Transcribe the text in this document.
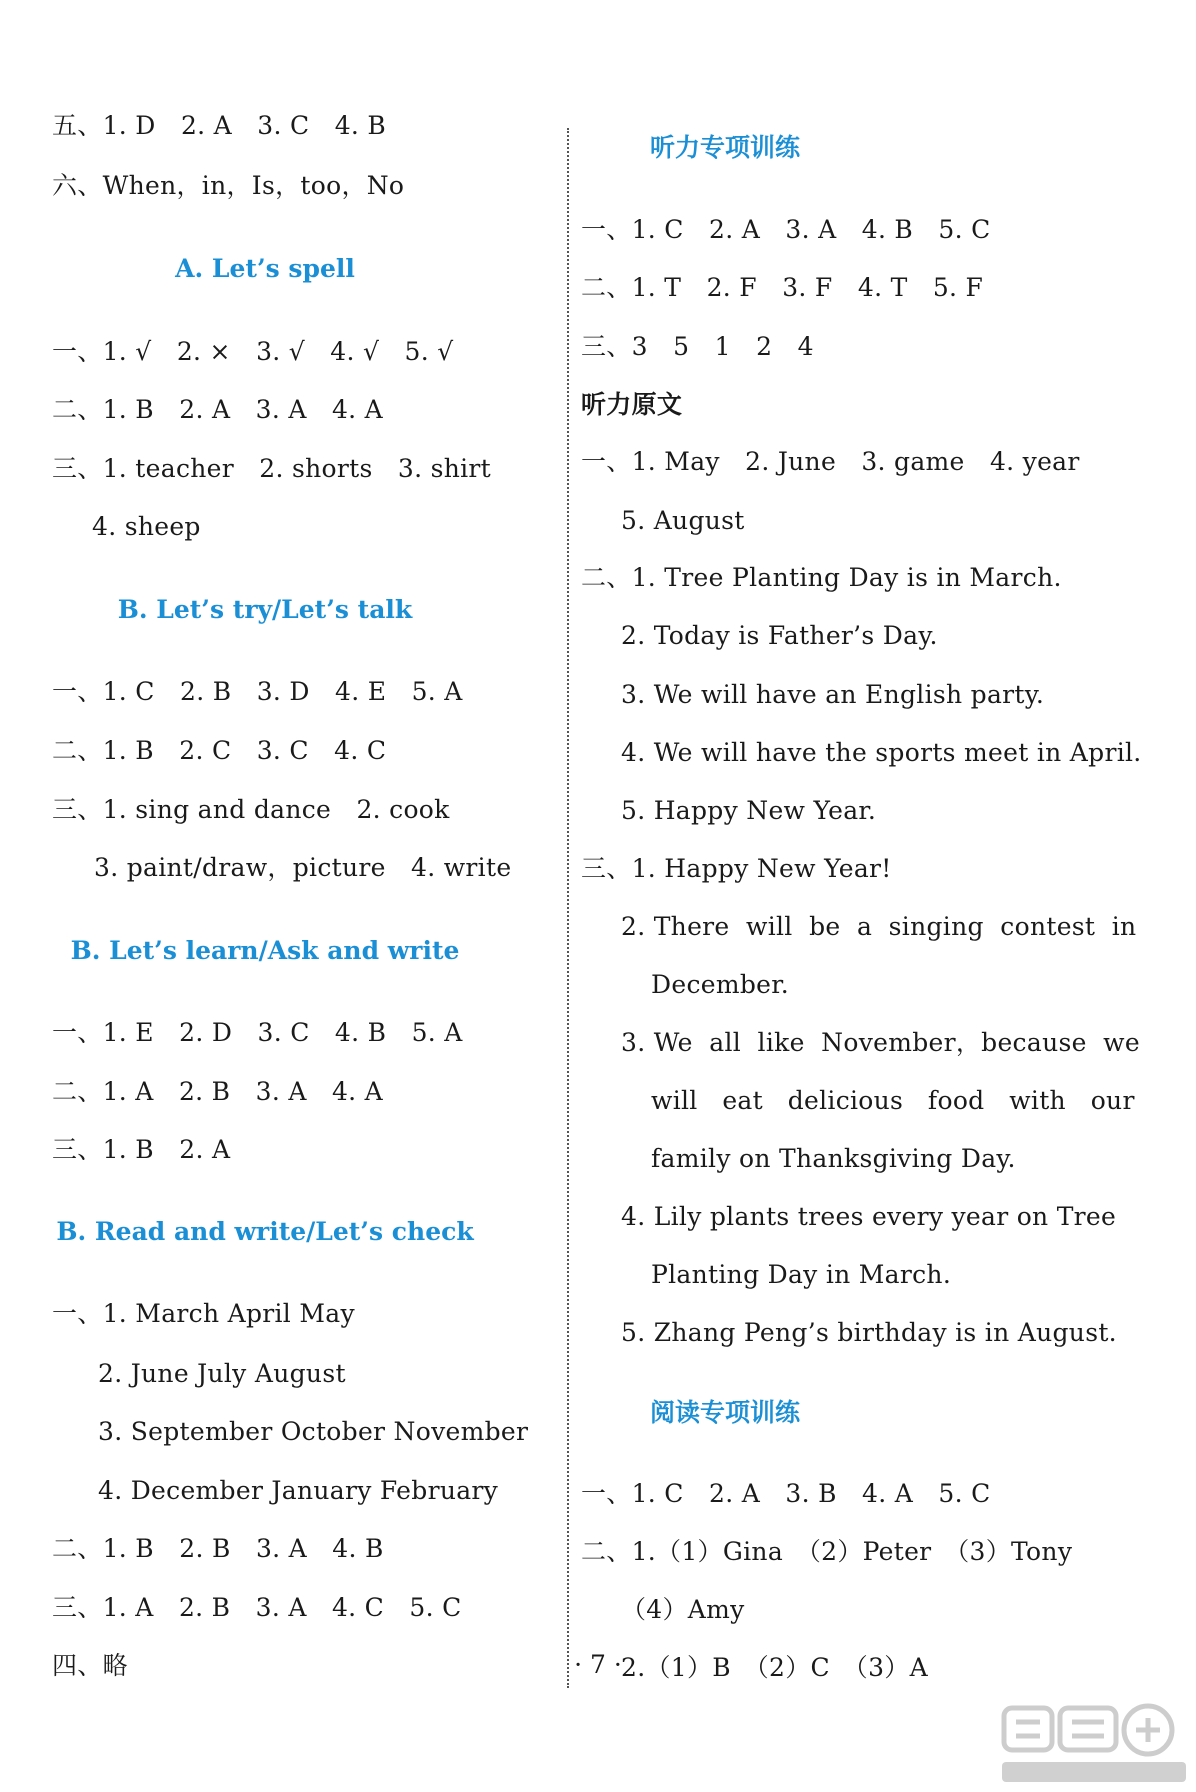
五、1. D　2. A　3. C　4. B
六、When，in，Is，too，No
A. Let’s spell
一、1. √　2. ×　3. √　4. √　5. √
二、1. B　2. A　3. A　4. A
三、1. teacher　2. shorts　3. shirt
4. sheep
B. Let’s try/Let’s talk
一、1. C　2. B　3. D　4. E　5. A
二、1. B　2. C　3. C　4. C
三、1. sing and dance　2. cook
3. paint/draw，picture　4. write
B. Let’s learn/Ask and write
一、1. E　2. D　3. C　4. B　5. A
二、1. A　2. B　3. A　4. A
三、1. B　2. A
B. Read and write/Let’s check
一、1. March April May
2. June July August
3. September October November
4. December January February
二、1. B　2. B　3. A　4. B
三、1. A　2. B　3. A　4. C　5. C
四、略
听力专项训练
一、1. C　2. A　3. A　4. B　5. C
二、1. T　2. F　3. F　4. T　5. F
三、3　5　1　2　4
听力原文
一、1. May　2. June　3. game　4. year
5. August
二、1. Tree Planting Day is in March.
2. Today is Father’s Day.
3. We will have an English party.
4. We will have the sports meet in April.
5. Happy New Year.
三、1. Happy New Year!
2. There  will  be  a  singing  contest  in
December.
3. We  all  like  November，because  we
will   eat   delicious   food   with   our
family on Thanksgiving Day.
4. Lily plants trees every year on Tree
Planting Day in March.
5. Zhang Peng’s birthday is in August.
阅读专项训练
一、1. C　2. A　3. B　4. A　5. C
二、1.（1）Gina　（2）Peter　（3）Tony
（4）Amy
2.（1）B　（2）C　（3）A
· 7 ·
